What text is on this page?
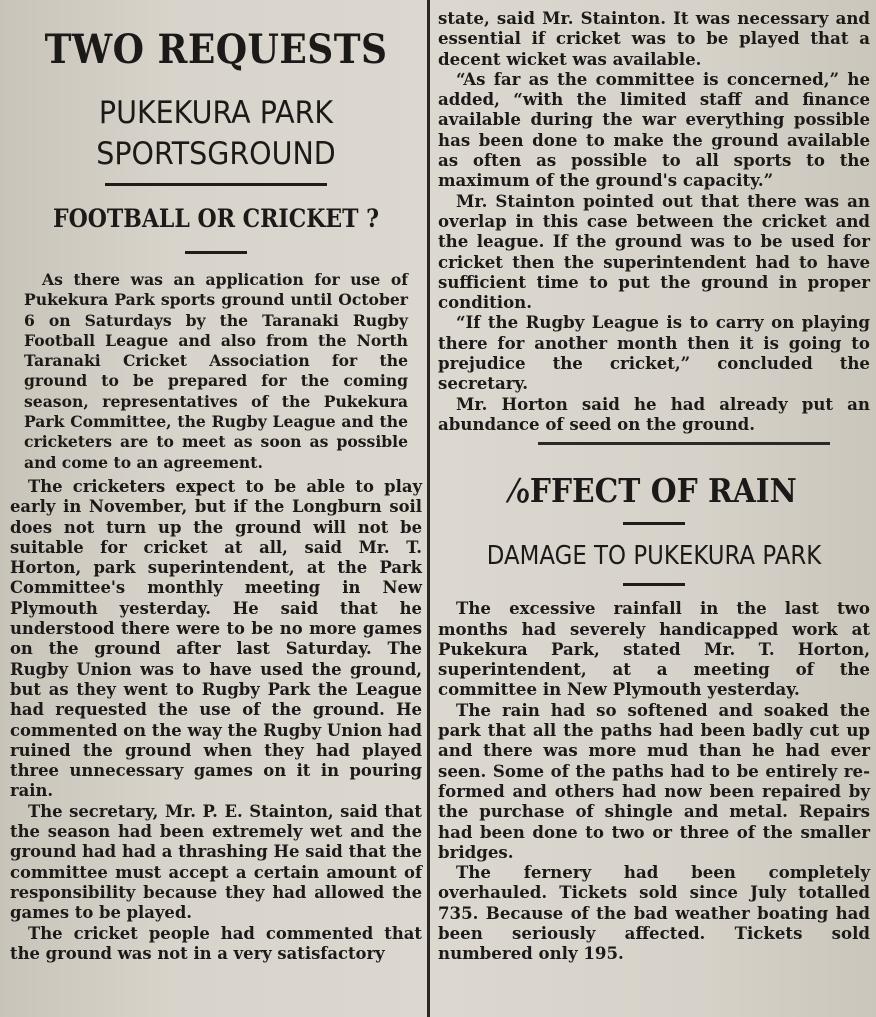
TWO REQUESTS
PUKEKURA PARK SPORTSGROUND
FOOTBALL OR CRICKET ?

As there was an application for use of Pukekura Park sports ground until October 6 on Saturdays by the Taranaki Rugby Football League and also from the North Taranaki Cricket Association for the ground to be prepared for the coming season, representatives of the Pukekura Park Committee, the Rugby League and the cricketers are to meet as soon as possible and come to an agreement.

The cricketers expect to be able to play early in November, but if the Longburn soil does not turn up the ground will not be suitable for cricket at all, said Mr. T. Horton, park superintendent, at the Park Committee's monthly meeting in New Plymouth yesterday. He said that he understood there were to be no more games on the ground after last Saturday. The Rugby Union was to have used the ground, but as they went to Rugby Park the League had requested the use of the ground. He commented on the way the Rugby Union had ruined the ground when they had played three unnecessary games on it in pouring rain.

The secretary, Mr. P. E. Stainton, said that the season had been extremely wet and the ground had had a thrashing He said that the committee must accept a certain amount of responsibility because they had allowed the games to be played.

The cricket people had commented that the ground was not in a very satisfactory

state, said Mr. Stainton. It was necessary and essential if cricket was to be played that a decent wicket was available.

“As far as the committee is concerned,” he added, “with the limited staff and finance available during the war everything possible has been done to make the ground available as often as possible to all sports to the maximum of the ground's capacity.”

Mr. Stainton pointed out that there was an overlap in this case between the cricket and the league. If the ground was to be used for cricket then the superintendent had to have sufficient time to put the ground in proper condition.

“If the Rugby League is to carry on playing there for another month then it is going to prejudice the cricket,” concluded the secretary.

Mr. Horton said he had already put an abundance of seed on the ground.

⁄ℴFFECT OF RAIN
DAMAGE TO PUKEKURA PARK

The excessive rainfall in the last two months had severely handicapped work at Pukekura Park, stated Mr. T. Horton, superintendent, at a meeting of the committee in New Plymouth yesterday.

The rain had so softened and soaked the park that all the paths had been badly cut up and there was more mud than he had ever seen. Some of the paths had to be entirely re-formed and others had now been repaired by the purchase of shingle and metal. Repairs had been done to two or three of the smaller bridges.

The fernery had been completely overhauled. Tickets sold since July totalled 735. Because of the bad weather boating had been seriously affected. Tickets sold numbered only 195.
